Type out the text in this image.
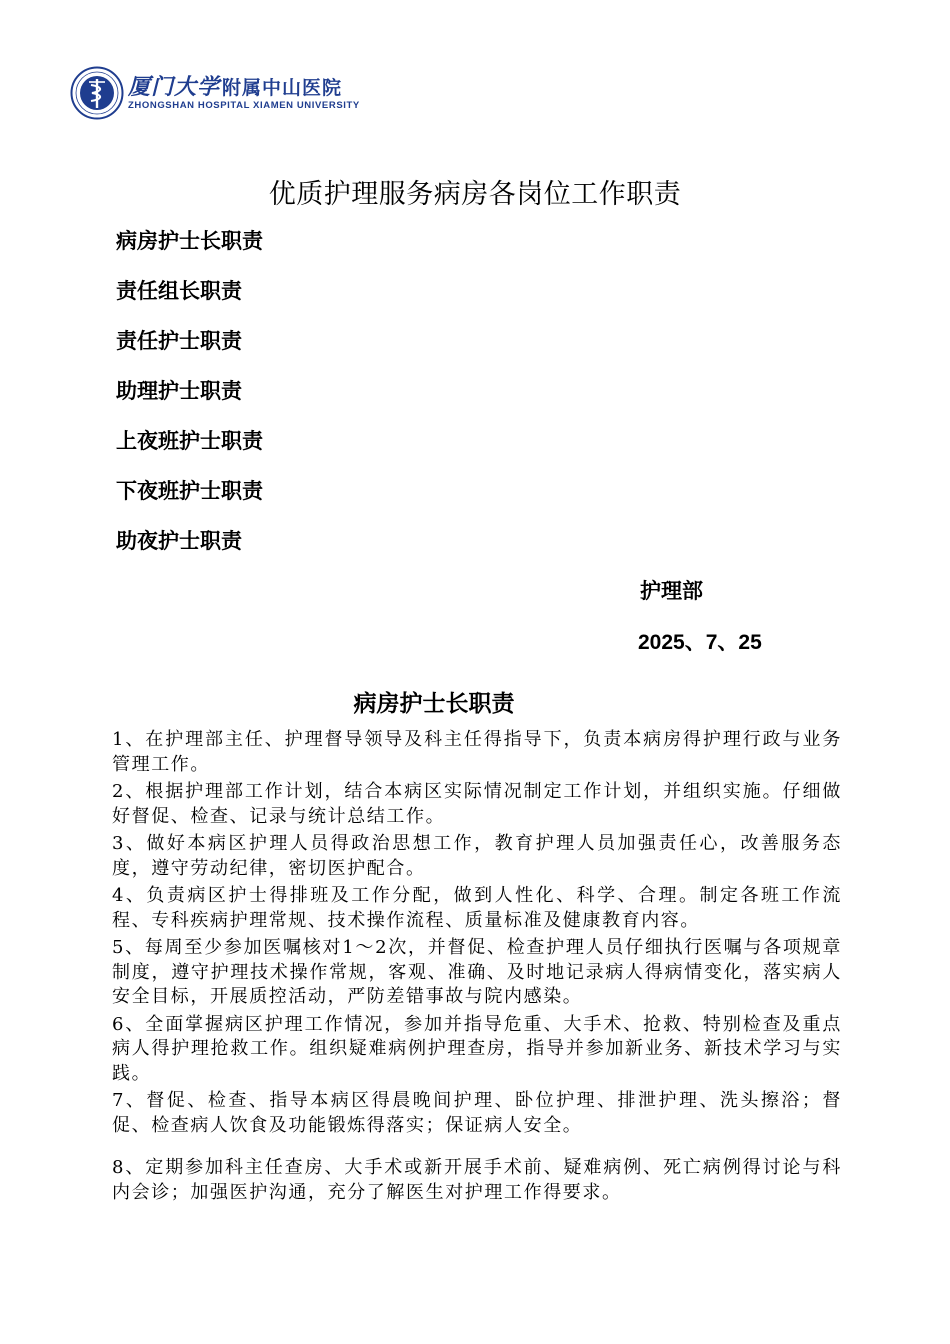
厦门大学 附属中山医院
ZHONGSHAN HOSPITAL XIAMEN UNIVERSITY
优质护理服务病房各岗位工作职责
病房护士长职责
责任组长职责
责任护士职责
助理护士职责
上夜班护士职责
下夜班护士职责
助夜护士职责
护理部
2025、7、25
病房护士长职责
1、在护理部主任、护理督导领导及科主任得指导下，负责本病房得护理行政与业务管理工作。
2、根据护理部工作计划，结合本病区实际情况制定工作计划，并组织实施。仔细做好督促、检查、记录与统计总结工作。
3、做好本病区护理人员得政治思想工作，教育护理人员加强责任心，改善服务态度，遵守劳动纪律，密切医护配合。
4、负责病区护士得排班及工作分配，做到人性化、科学、合理。制定各班工作流程、专科疾病护理常规、技术操作流程、质量标准及健康教育内容。
5、每周至少参加医嘱核对1～2次，并督促、检查护理人员仔细执行医嘱与各项规章制度，遵守护理技术操作常规，客观、准确、及时地记录病人得病情变化，落实病人安全目标，开展质控活动，严防差错事故与院内感染。
6、全面掌握病区护理工作情况，参加并指导危重、大手术、抢救、特别检查及重点病人得护理抢救工作。组织疑难病例护理查房，指导并参加新业务、新技术学习与实践。
7、督促、检查、指导本病区得晨晚间护理、卧位护理、排泄护理、洗头擦浴；督促、检查病人饮食及功能锻炼得落实；保证病人安全。
8、定期参加科主任查房、大手术或新开展手术前、疑难病例、死亡病例得讨论与科内会诊；加强医护沟通，充分了解医生对护理工作得要求。
